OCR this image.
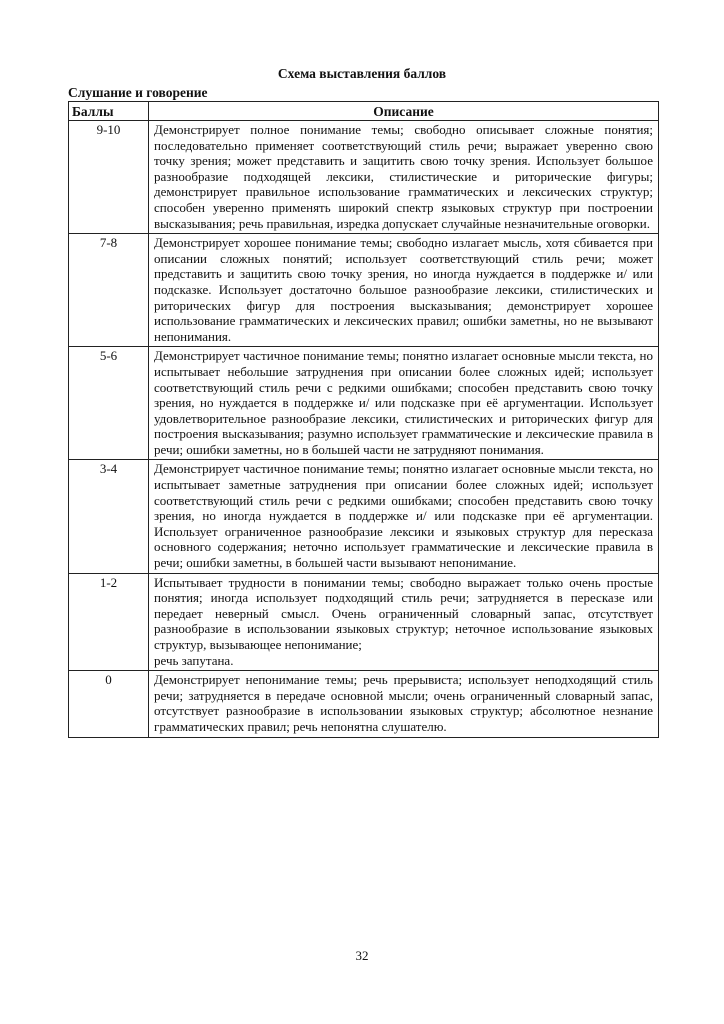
Схема выставления баллов
Слушание и говорение
Баллы	Описание
9-10	Демонстрирует полное понимание темы; свободно описывает сложные понятия; последовательно применяет соответствующий стиль речи; выражает уверенно свою точку зрения; может представить и защитить свою точку зрения. Использует большое разнообразие подходящей лексики, стилистические и риторические фигуры; демонстрирует правильное использование грамматических и лексических структур; способен уверенно применять широкий спектр языковых структур при построении высказывания; речь правильная, изредка допускает случайные незначительные оговорки.
7-8	Демонстрирует хорошее понимание темы; свободно излагает мысль, хотя сбивается при описании сложных понятий; использует соответствующий стиль речи; может представить и защитить свою точку зрения, но иногда нуждается в поддержке и/ или подсказке. Использует достаточно большое разнообразие лексики, стилистических и риторических фигур для построения высказывания; демонстрирует хорошее использование грамматических и лексических правил; ошибки заметны, но не вызывают непонимания.
5-6	Демонстрирует частичное понимание темы; понятно излагает основные мысли текста, но испытывает небольшие затруднения при описании более сложных идей; использует соответствующий стиль речи с редкими ошибками; способен представить свою точку зрения, но нуждается в поддержке и/ или подсказке при её аргументации. Использует удовлетворительное разнообразие лексики, стилистических и риторических фигур для построения высказывания; разумно использует грамматические и лексические правила в речи; ошибки заметны, но в большей части не затрудняют понимания.
3-4	Демонстрирует частичное понимание темы; понятно излагает основные мысли текста, но испытывает заметные затруднения при описании более сложных идей; использует соответствующий стиль речи с редкими ошибками; способен представить свою точку зрения, но иногда нуждается в поддержке и/ или подсказке при её аргументации. Использует ограниченное разнообразие лексики и языковых структур для пересказа основного содержания; неточно использует грамматические и лексические правила в речи; ошибки заметны, в большей части вызывают непонимание.
1-2	Испытывает трудности в понимании темы; свободно выражает только очень простые понятия; иногда использует подходящий стиль речи; затрудняется в пересказе или передает неверный смысл. Очень ограниченный словарный запас, отсутствует разнообразие в использовании языковых структур; неточное использование языковых структур, вызывающее непонимание;
речь запутана.
0	Демонстрирует непонимание темы; речь прерывиста; использует неподходящий стиль речи; затрудняется в передаче основной мысли; очень ограниченный словарный запас, отсутствует разнообразие в использовании языковых структур; абсолютное незнание грамматических правил; речь непонятна слушателю.
32
